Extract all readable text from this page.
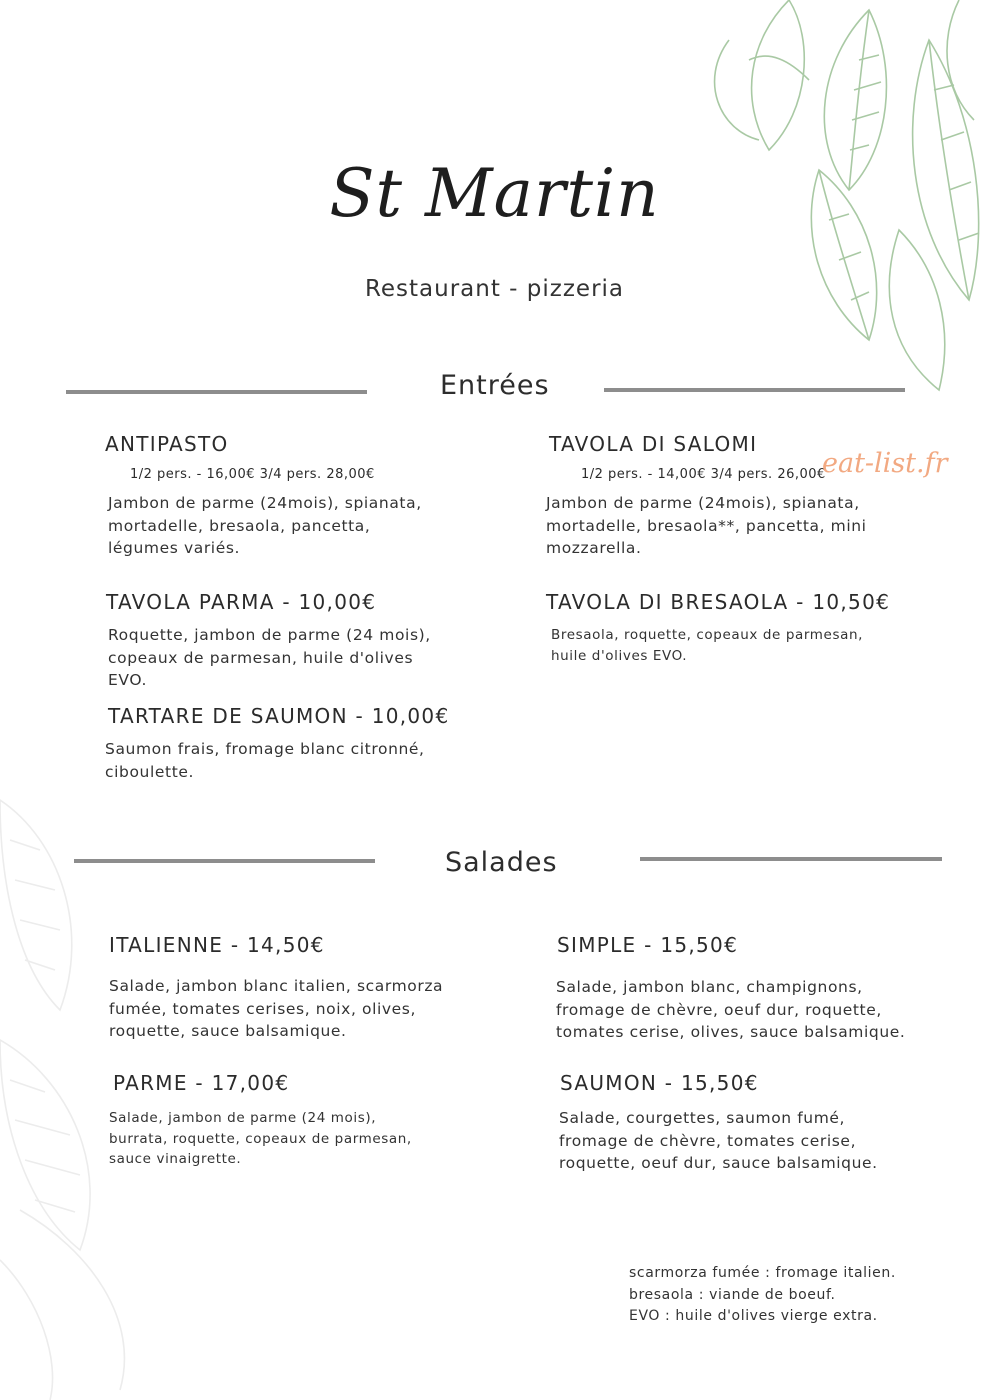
St Martin
Restaurant - pizzeria
Entrées
ANTIPASTO
1/2 pers. - 16,00€ 3/4 pers. 28,00€
Jambon de parme (24mois), spianata,
mortadelle, bresaola, pancetta,
légumes variés.
TAVOLA DI SALOMI
1/2 pers. - 14,00€ 3/4 pers. 26,00€
eat-list.fr
Jambon de parme (24mois), spianata,
mortadelle, bresaola**, pancetta, mini
mozzarella.
TAVOLA PARMA - 10,00€
Roquette, jambon de parme (24 mois),
copeaux de parmesan, huile d'olives
EVO.
TAVOLA DI BRESAOLA - 10,50€
Bresaola, roquette, copeaux de parmesan,
huile d'olives EVO.
TARTARE DE SAUMON - 10,00€
Saumon frais, fromage blanc citronné,
ciboulette.
Salades
ITALIENNE - 14,50€
Salade, jambon blanc italien, scarmorza
fumée, tomates cerises, noix, olives,
roquette, sauce balsamique.
SIMPLE - 15,50€
Salade, jambon blanc, champignons,
fromage de chèvre, oeuf dur, roquette,
tomates cerise, olives, sauce balsamique.
PARME - 17,00€
Salade, jambon de parme (24 mois),
burrata, roquette, copeaux de parmesan,
sauce vinaigrette.
SAUMON - 15,50€
Salade, courgettes, saumon fumé,
fromage de chèvre, tomates cerise,
roquette, oeuf dur, sauce balsamique.
scarmorza fumée : fromage italien.
bresaola : viande de boeuf.
EVO : huile d'olives vierge extra.
